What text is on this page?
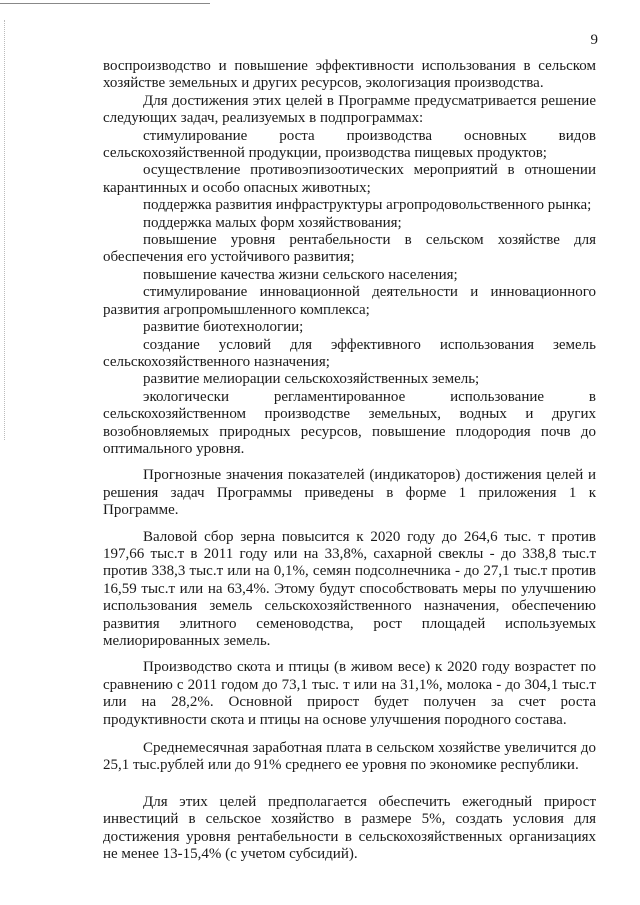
9

воспроизводство и повышение эффективности использования в сельском хозяйстве земельных и других ресурсов, экологизация производства.

Для достижения этих целей в Программе предусматривается решение следующих задач, реализуемых в подпрограммах:

стимулирование роста производства основных видов сельскохозяйственной продукции, производства пищевых продуктов;

осуществление противоэпизоотических мероприятий в отношении карантинных и особо опасных животных;

поддержка развития инфраструктуры агропродовольственного рынка;

поддержка малых форм хозяйствования;

повышение уровня рентабельности в сельском хозяйстве для обеспечения его устойчивого развития;

повышение качества жизни сельского населения;

стимулирование инновационной деятельности и инновационного развития агропромышленного комплекса;

развитие биотехнологии;

создание условий для эффективного использования земель сельскохозяйственного назначения;

развитие мелиорации сельскохозяйственных земель;

экологически регламентированное использование в сельскохозяйственном производстве земельных, водных и других возобновляемых природных ресурсов, повышение плодородия почв до оптимального уровня.

Прогнозные значения показателей (индикаторов) достижения целей и решения задач Программы приведены в форме 1 приложения 1 к Программе.

Валовой сбор зерна повысится к 2020 году до 264,6 тыс. т против 197,66 тыс.т в 2011 году или на 33,8%, сахарной свеклы - до 338,8 тыс.т против 338,3 тыс.т или на 0,1%, семян подсолнечника - до 27,1 тыс.т против 16,59 тыс.т или на 63,4%. Этому будут способствовать меры по улучшению использования земель сельскохозяйственного назначения, обеспечению развития элитного семеноводства, рост площадей используемых мелиорированных земель.

Производство скота и птицы (в живом весе) к 2020 году возрастет по сравнению с 2011 годом до 73,1 тыс. т или на 31,1%, молока - до 304,1 тыс.т или на 28,2%. Основной прирост будет получен за счет роста продуктивности скота и птицы на основе улучшения породного состава.

Среднемесячная заработная плата в сельском хозяйстве увеличится до 25,1 тыс.рублей или до 91% среднего ее уровня по экономике республики.

Для этих целей предполагается обеспечить ежегодный прирост инвестиций в сельское хозяйство в размере 5%, создать условия для достижения уровня рентабельности в сельскохозяйственных организациях не менее 13-15,4% (с учетом субсидий).
